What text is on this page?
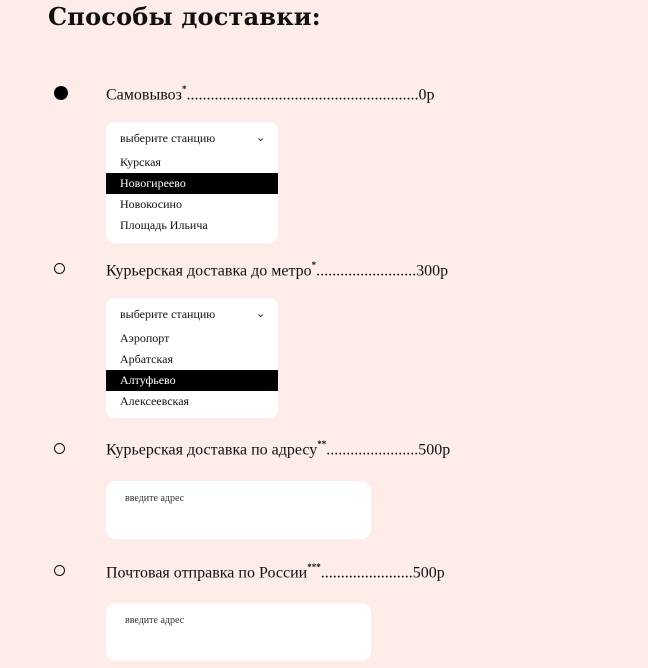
Способы доставки:
Самовывоз*..........................................................0р
выберите станцию	⌄
Курская
Новогиреево
Новокосино
Площадь Ильича
Курьерская доставка до метро*.........................300р
выберите станцию	⌄
Аэропорт
Арбатская
Алтуфьево
Алексеевская
Курьерская доставка по адресу**.......................500р
введите адрес
Почтовая отправка по России***.......................500р
введите адрес
